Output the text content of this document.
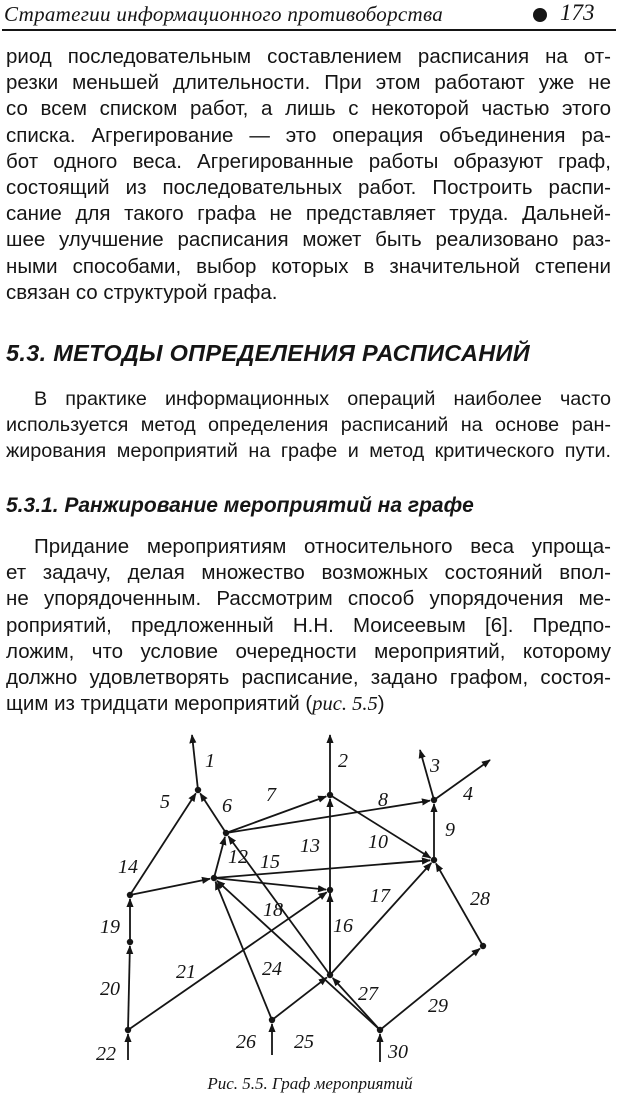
Стратегии информационного противоборства	173
риод последовательным составлением расписания на от-
резки меньшей длительности. При этом работают уже не
со всем списком работ, а лишь с некоторой частью этого
списка. Агрегирование — это операция объединения ра-
бот одного веса. Агрегированные работы образуют граф,
состоящий из последовательных работ. Построить распи-
сание для такого графа не представляет труда. Дальней-
шее улучшение расписания может быть реализовано раз-
ными способами, выбор которых в значительной степени
связан со структурой графа.
5.3. МЕТОДЫ ОПРЕДЕЛЕНИЯ РАСПИСАНИЙ
В практике информационных операций наиболее часто
используется метод определения расписаний на основе ран-
жирования мероприятий на графе и метод критического пути.
5.3.1. Ранжирование мероприятий на графе
Придание мероприятиям относительного веса упрощa-
ет задачу, делая множество возможных состояний впол-
не упорядоченным. Рассмотрим способ упорядочения ме-
роприятий, предложенный Н.Н. Моисеевым [6]. Предпо-
ложим, что условие очередности мероприятий, которому
должно удовлетворять расписание, задано графом, состоя-
щим из тридцати мероприятий (рис. 5.5)
1	2	3
4
5	6 7	8
9
10
12	13
14	15
16
17
18
19
20
21
22
24
25
26
27
28
29
30

Рис. 5.5. Граф мероприятий
